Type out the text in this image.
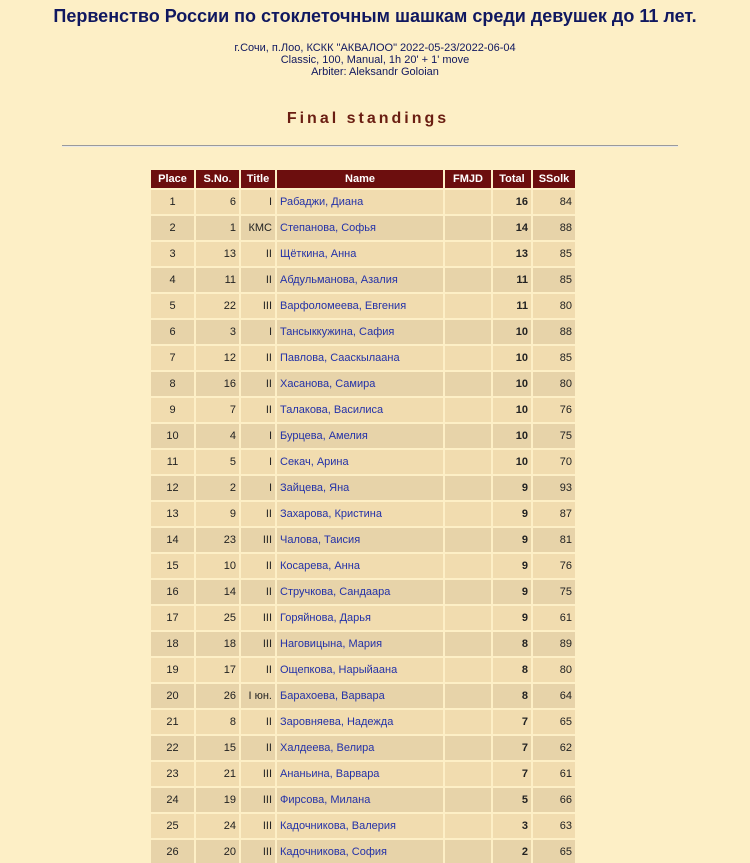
Первенство России по стоклеточным шашкам среди девушек до 11 лет.
г.Сочи, п.Лоо, КСКК "АКВАЛОО" 2022-05-23/2022-06-04
Classic, 100, Manual, 1h 20' + 1' move
Arbiter: Aleksandr Goloian
Final standings
Place	S.No.	Title	Name	FMJD	Total	SSolk
1	6	I	Рабаджи, Диана		16	84
2	1	КМС	Степанова, Софья		14	88
3	13	II	Щёткина, Анна		13	85
4	11	II	Абдульманова, Азалия		11	85
5	22	III	Варфоломеева, Евгения		11	80
6	3	I	Тансыккужина, Сафия		10	88
7	12	II	Павлова, Сааскылаана		10	85
8	16	II	Хасанова, Самира		10	80
9	7	II	Талакова, Василиса		10	76
10	4	I	Бурцева, Амелия		10	75
11	5	I	Секач, Арина		10	70
12	2	I	Зайцева, Яна		9	93
13	9	II	Захарова, Кристина		9	87
14	23	III	Чалова, Таисия		9	81
15	10	II	Косарева, Анна		9	76
16	14	II	Стручкова, Сандаара		9	75
17	25	III	Горяйнова, Дарья		9	61
18	18	III	Наговицына, Мария		8	89
19	17	II	Ощепкова, Нарыйаана		8	80
20	26	I юн.	Барахоева, Варвара		8	64
21	8	II	Заровняева, Надежда		7	65
22	15	II	Халдеева, Велира		7	62
23	21	III	Ананьина, Варвара		7	61
24	19	III	Фирсова, Милана		5	66
25	24	III	Кадочникова, Валерия		3	63
26	20	III	Кадочникова, София		2	65
